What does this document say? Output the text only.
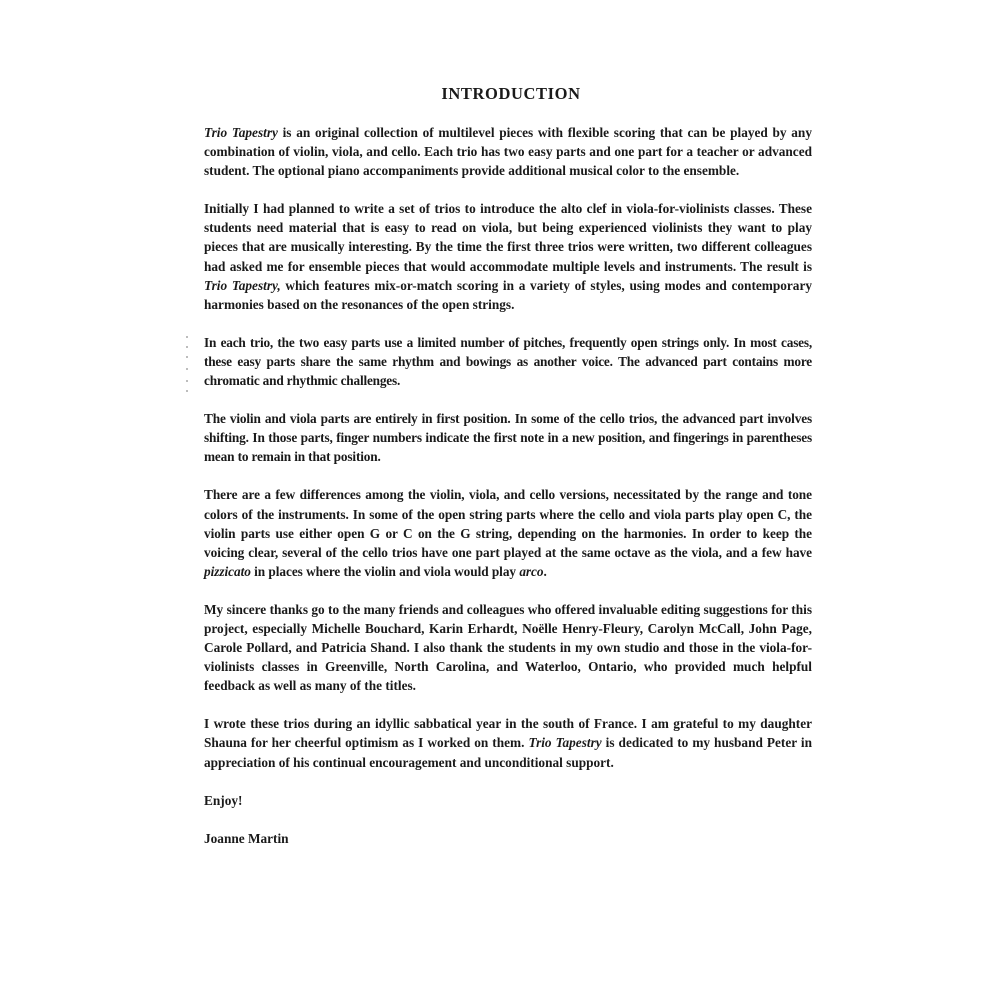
INTRODUCTION

Trio Tapestry is an original collection of multilevel pieces with flexible scoring that can be played by any combination of violin, viola, and cello. Each trio has two easy parts and one part for a teacher or advanced student. The optional piano accompaniments provide additional musical color to the ensemble.

Initially I had planned to write a set of trios to introduce the alto clef in viola-for-violinists classes. These students need material that is easy to read on viola, but being experienced violinists they want to play pieces that are musically interesting. By the time the first three trios were written, two different colleagues had asked me for ensemble pieces that would accommodate multiple levels and instruments. The result is Trio Tapestry, which features mix-or-match scoring in a variety of styles, using modes and contemporary harmonies based on the resonances of the open strings.

In each trio, the two easy parts use a limited number of pitches, frequently open strings only. In most cases, these easy parts share the same rhythm and bowings as another voice. The advanced part contains more chromatic and rhythmic challenges.

The violin and viola parts are entirely in first position. In some of the cello trios, the advanced part involves shifting. In those parts, finger numbers indicate the first note in a new position, and fingerings in parentheses mean to remain in that position.

There are a few differences among the violin, viola, and cello versions, necessitated by the range and tone colors of the instruments. In some of the open string parts where the cello and viola parts play open C, the violin parts use either open G or C on the G string, depending on the harmonies. In order to keep the voicing clear, several of the cello trios have one part played at the same octave as the viola, and a few have pizzicato in places where the violin and viola would play arco.

My sincere thanks go to the many friends and colleagues who offered invaluable editing suggestions for this project, especially Michelle Bouchard, Karin Erhardt, Noëlle Henry-Fleury, Carolyn McCall, John Page, Carole Pollard, and Patricia Shand. I also thank the students in my own studio and those in the viola-for-violinists classes in Greenville, North Carolina, and Waterloo, Ontario, who provided much helpful feedback as well as many of the titles.

I wrote these trios during an idyllic sabbatical year in the south of France. I am grateful to my daughter Shauna for her cheerful optimism as I worked on them. Trio Tapestry is dedicated to my husband Peter in appreciation of his continual encouragement and unconditional support.

Enjoy!

Joanne Martin
